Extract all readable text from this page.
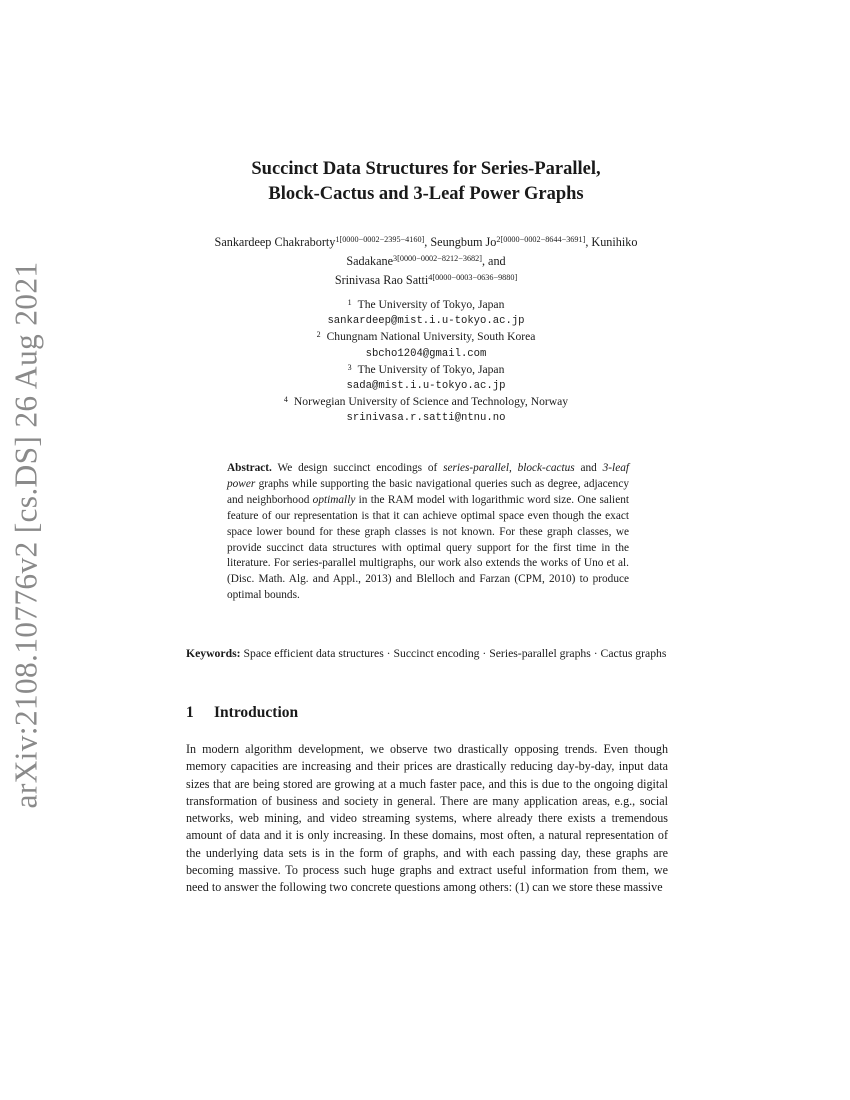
arXiv:2108.10776v2 [cs.DS] 26 Aug 2021
Succinct Data Structures for Series-Parallel,
Block-Cactus and 3-Leaf Power Graphs
Sankardeep Chakraborty$^{1[0000-0002-2395-4160]}$, Seungbum $Jo^{2[0000-0002-8644-3691]}$, Kunihiko Sadakane$^{3[0000-0002-8212-3682]}$, and
Srinivasa Rao Satti$^{4[0000-0003-0636-9880]}$
$^1$ The University of Tokyo, Japan
sankardeep@mist.i.u-tokyo.ac.jp
$^2$ Chungnam National University, South Korea
sbcho1204@gmail.com
$^3$ The University of Tokyo, Japan
sada@mist.i.u-tokyo.ac.jp
$^4$ Norwegian University of Science and Technology, Norway
srinivasa.r.satti@ntnu.no

Abstract. We design succinct encodings of series-parallel, block-cactus and 3-leaf power graphs while supporting the basic navigational queries such as degree, adjacency and neighborhood optimally in the RAM model with logarithmic word size. One salient feature of our representation is that it can achieve optimal space even though the exact space lower bound for these graph classes is not known. For these graph classes, we provide succinct data structures with optimal query support for the first time in the literature. For series-parallel multigraphs, our work also extends the works of Uno et al. (Disc. Math. Alg. and Appl., 2013) and Blelloch and Farzan (CPM, 2010) to produce optimal bounds.

Keywords: Space efficient data structures · Succinct encoding · Series-parallel graphs · Cactus graphs

1 Introduction

In modern algorithm development, we observe two drastically opposing trends. Even though memory capacities are increasing and their prices are drastically reducing day-by-day, input data sizes that are being stored are growing at a much faster pace, and this is due to the ongoing digital transformation of business and society in general. There are many application areas, e.g., social networks, web mining, and video streaming systems, where already there exists a tremendous amount of data and it is only increasing. In these domains, most often, a natural representation of the underlying data sets is in the form of graphs, and with each passing day, these graphs are becoming massive. To process such huge graphs and extract useful information from them, we need to answer the following two concrete questions among others: (1) can we store these massive
